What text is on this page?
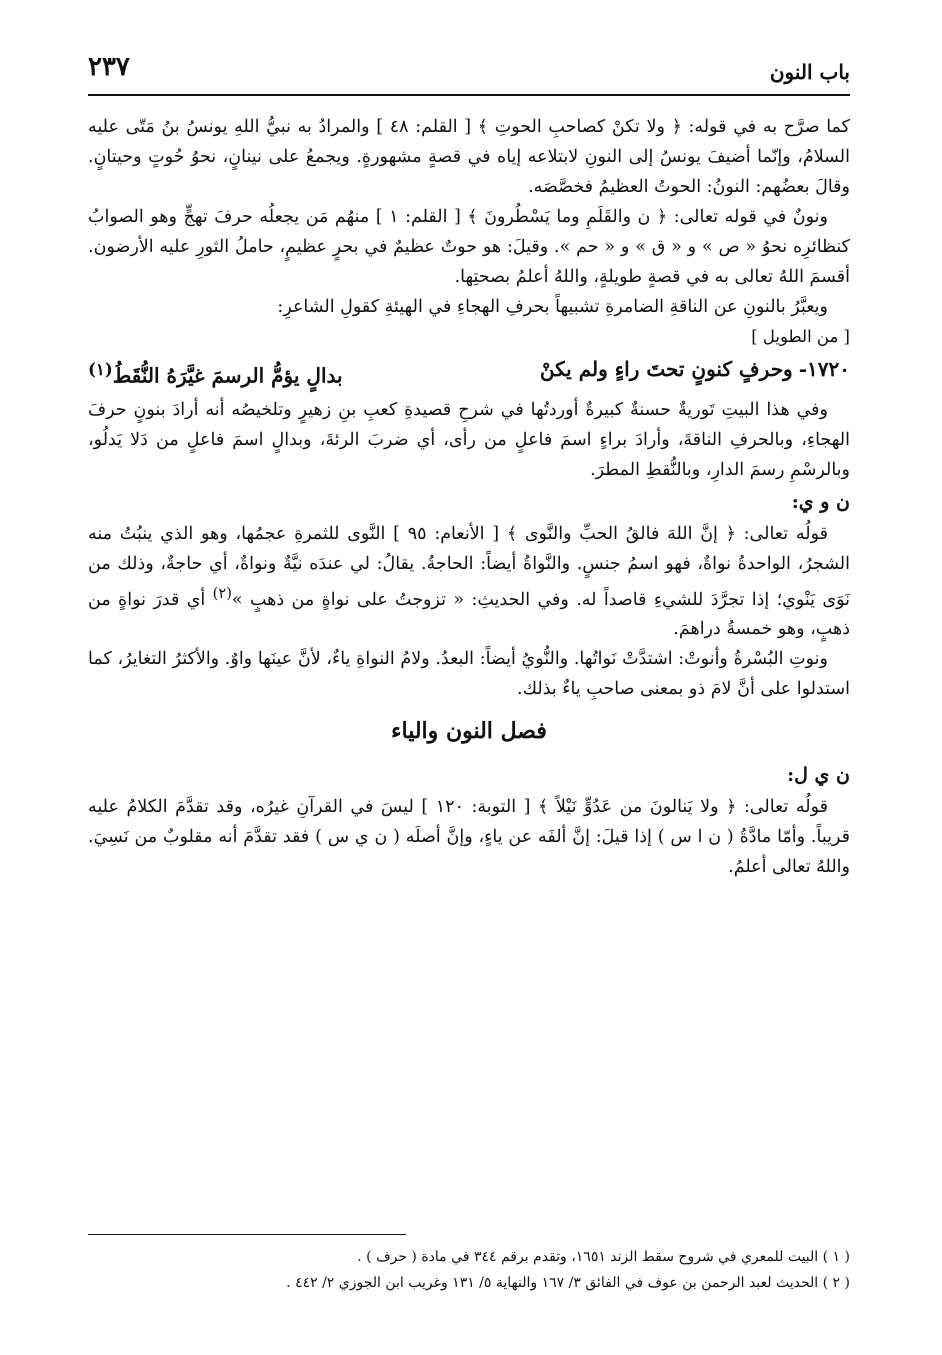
باب النون
٢٣٧

كما صرَّح به في قوله: ﴿ ولا تكنْ كصاحبِ الحوتِ ﴾ [ القلم: ٤٨ ] والمرادُ به نبيُّ اللهِ يونسُ بنُ مَتّى عليه السلامُ، وإنّما أضيفَ يونسُ إلى النونِ لابتلاعه إياه في قصةٍ مشهورةٍ. ويجمعُ على نينانٍ، نحوُ حُوتٍ وحيتانٍ. وقالَ بعضُهم: النونُ: الحوتُ العظيمُ فخصَّصَه.

ونونٌ في قوله تعالى: ﴿ ن والقَلَمِ وما يَسْطُرونَ ﴾ [ القلم: ١ ] منهُم مَن يجعلُه حرفَ تهجٍّ وهو الصوابُ كنظائرِه نحوُ « ص » و « ق » و « حم ». وقيلَ: هو حوتٌ عظيمٌ في بحرٍ عظيمٍ، حاملُ الثورِ عليه الأرضون. أقسمَ اللهُ تعالى به في قصةٍ طويلةٍ، واللهُ أعلمُ بصحتِها.

ويعبَّرُ بالنونِ عن الناقةِ الضامرةِ تشبيهاً بحرفِ الهجاءِ في الهيئةِ كقولِ الشاعرِ:

[ من الطويل ]

١٧٢٠-وحرفٍ كنونٍ تحتَ راءٍ ولم يكنْ
بدالٍ يؤمُّ الرسمَ غيَّرَهُ النُّقَطُ$^{(١)}$

وفي هذا البيتِ تَوريةٌ حسنةٌ كبيرةٌ أوردتُها في شرحِ قصيدةِ كعبِ بنِ زهيرٍ وتلخيصُه أنه أرادَ بنونٍ حرفَ الهجاءِ، وبالحرفِ الناقةَ، وأرادَ براءٍ اسمَ فاعلٍ من رأى، أي ضربَ الرئةَ، وبدالٍ اسمَ فاعلٍ من دَلا يَدلُو، وبالرسْمِ رسمَ الدارِ، وبالنُّقطِ المطرَ.

ن و ي:

قولُه تعالى: ﴿ إنَّ اللهَ فالقُ الحبِّ والنَّوى ﴾ [ الأنعام: ٩٥ ] النَّوى للثمرةِ عجمُها، وهو الذي ينبُتُ منه الشجرُ، الواحدةُ نواةٌ، فهو اسمُ جنسٍ. والنَّواةُ أيضاً: الحاجةُ. يقالُ: لي عندَه نيَّةٌ ونواةٌ، أي حاجةٌ، وذلك من نَوَى يَنْوي؛ إذا تجرَّدَ للشيءِ قاصداً له. وفي الحديثِ: « تزوجتُ على نواةٍ من ذهبٍ »$^{(٢)}$ أي قدرَ نواةٍ من ذهبٍ، وهو خمسةُ دراهمَ.

ونوتِ البُسْرةُ وأنوتْ: اشتدَّتْ نَواتُها. والنُّويُ أيضاً: البعدُ. ولامُ النواةِ ياءٌ، لأنَّ عينَها واوٌ. والأكثرُ التغايرُ، كما استدلوا على أنَّ لامَ ذو بمعنى صاحبِ ياءٌ بذلك.

فصل النون والياء

ن ي ل:

قولُه تعالى: ﴿ ولا يَنالونَ من عَدُوٍّ نَيْلاً ﴾ [ التوبة: ١٢٠ ] ليسَ في القرآنِ غيرُه، وقد تقدَّمَ الكلامُ عليه قريباً. وأمّا مادَّةُ ( ن ا س ) إذا قيلَ: إنَّ ألفَه عن ياءٍ، وإنَّ أصلَه ( ن ي س ) فقد تقدَّمَ أنه مقلوبٌ من نَسِيَ. واللهُ تعالى أعلمُ.

( ١ ) البيت للمعري في شروح سقط الزند ١٦٥١، وتقدم برقم ٣٤٤ في مادة ( حرف ) .

( ٢ ) الحديث لعبد الرحمن بن عوف في الفائق ٣/ ١٦٧ والنهاية ٥/ ١٣١ وغريب ابن الجوزي ٢/ ٤٤٢ .
